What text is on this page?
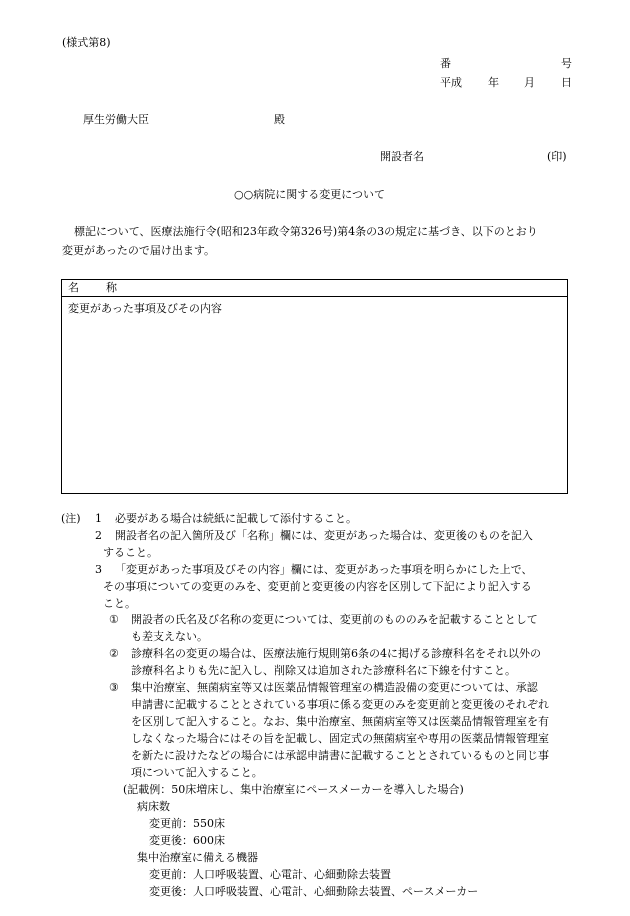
(様式第8)
番	号
平成 年 月 日
厚生労働大臣	殿
開設者名	(印)
○○病院に関する変更について
標記について、医療法施行令(昭和23年政令第326号)第4条の3の規定に基づき、以下のとおり
変更があったので届け出ます。
名 称
変更があった事項及びその内容
(注) 1 必要がある場合は続紙に記載して添付すること。
2 開設者名の記入箇所及び「名称」欄には、変更があった場合は、変更後のものを記入
すること。
3 「変更があった事項及びその内容」欄には、変更があった事項を明らかにした上で、
その事項についての変更のみを、変更前と変更後の内容を区別して下記により記入する
こと。
① 開設者の氏名及び名称の変更については、変更前のもののみを記載することとして
も差支えない。
② 診療科名の変更の場合は、医療法施行規則第6条の4に掲げる診療科名をそれ以外の
診療科名よりも先に記入し、削除又は追加された診療科名に下線を付すこと。
③ 集中治療室、無菌病室等又は医薬品情報管理室の構造設備の変更については、承認
申請書に記載することとされている事項に係る変更のみを変更前と変更後のそれぞれ
を区別して記入すること。なお、集中治療室、無菌病室等又は医薬品情報管理室を有
しなくなった場合にはその旨を記載し、固定式の無菌病室や専用の医薬品情報管理室
を新たに設けたなどの場合には承認申請書に記載することとされているものと同じ事
項について記入すること。
(記載例：50床増床し、集中治療室にペースメーカーを導入した場合)
病床数
変更前：550床
変更後：600床
集中治療室に備える機器
変更前：人口呼吸装置、心電計、心細動除去装置
変更後：人口呼吸装置、心電計、心細動除去装置、ペースメーカー
